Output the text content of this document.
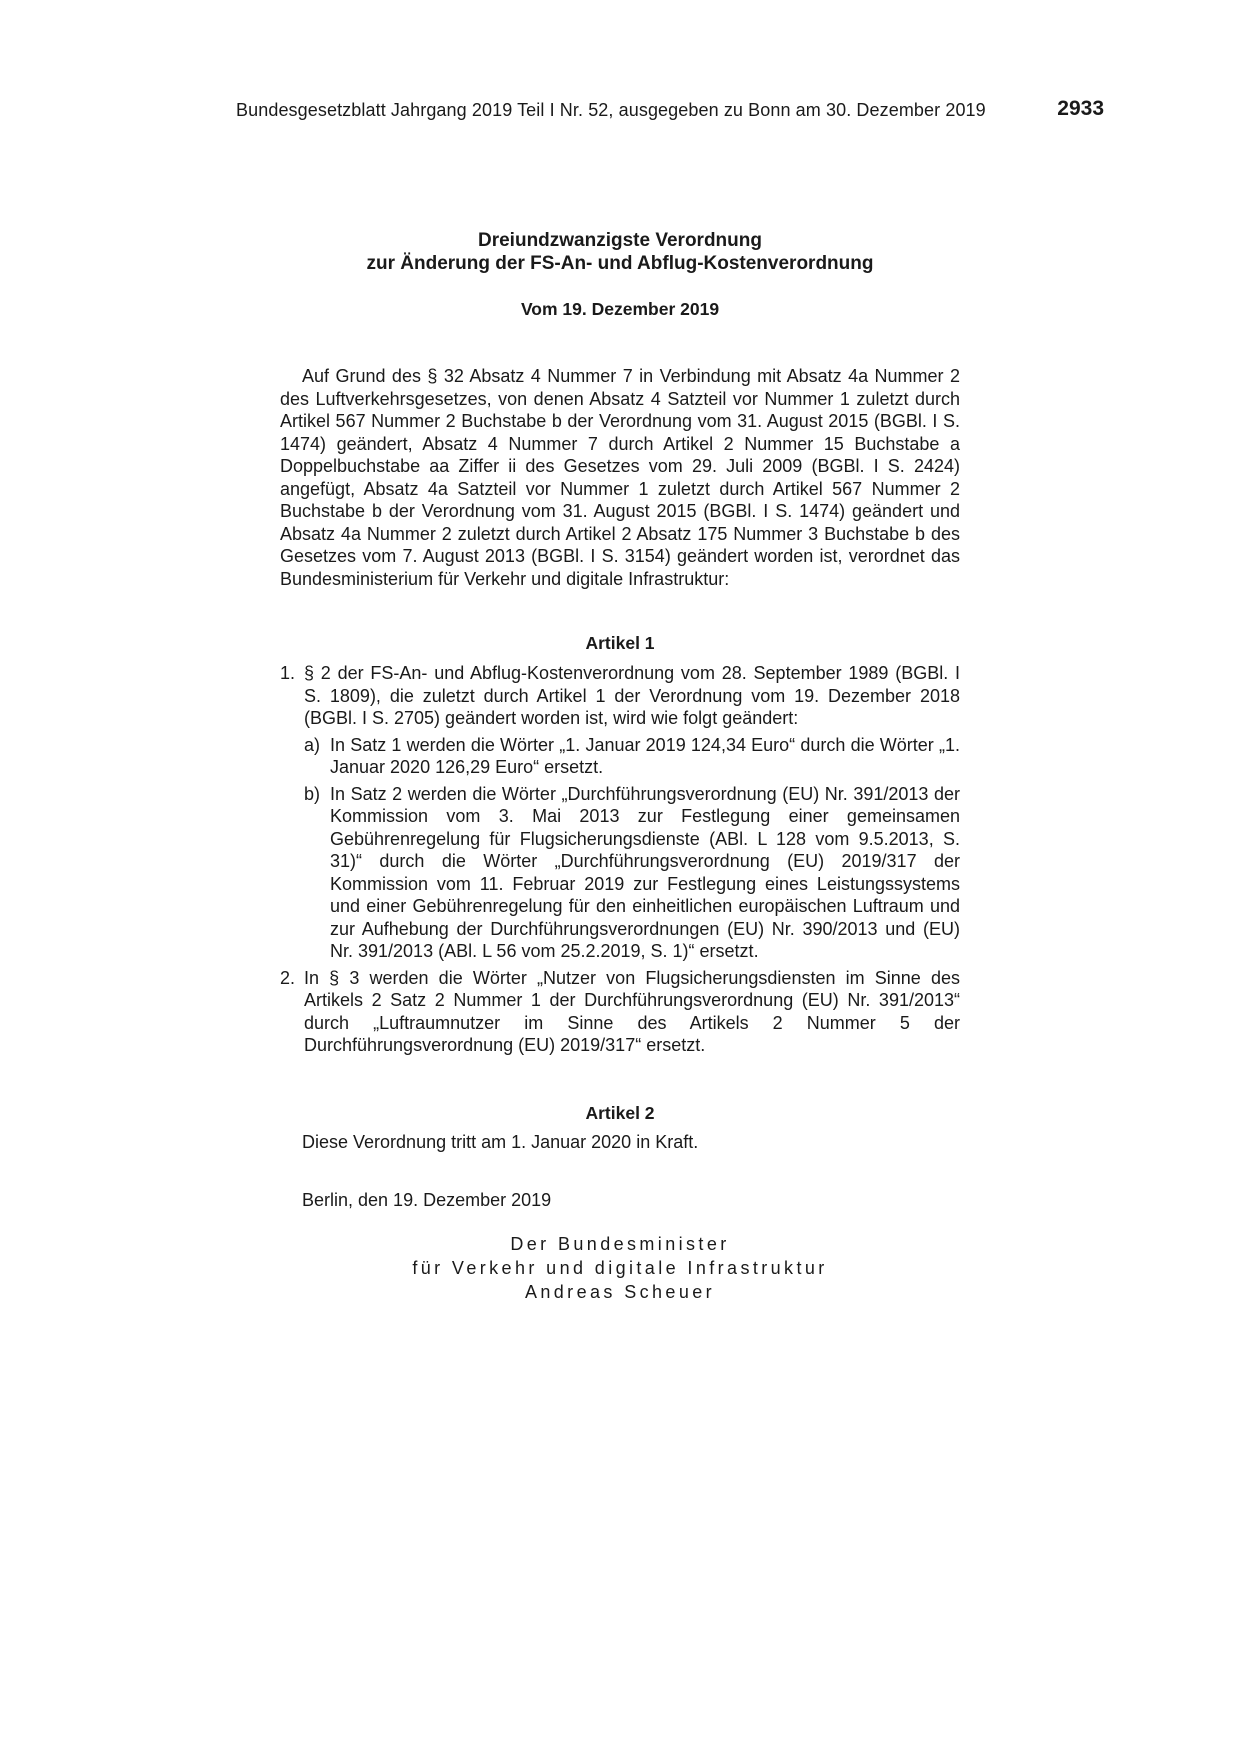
Bundesgesetzblatt Jahrgang 2019 Teil I Nr. 52, ausgegeben zu Bonn am 30. Dezember 2019	2933
Dreiundzwanzigste Verordnung
zur Änderung der FS-An- und Abflug-Kostenverordnung
Vom 19. Dezember 2019

Auf Grund des § 32 Absatz 4 Nummer 7 in Verbindung mit Absatz 4a Nummer 2 des Luftverkehrsgesetzes, von denen Absatz 4 Satzteil vor Nummer 1 zuletzt durch Artikel 567 Nummer 2 Buchstabe b der Verordnung vom 31. August 2015 (BGBl. I S. 1474) geändert, Absatz 4 Nummer 7 durch Artikel 2 Nummer 15 Buchstabe a Doppelbuchstabe aa Ziffer ii des Gesetzes vom 29. Juli 2009 (BGBl. I S. 2424) angefügt, Absatz 4a Satzteil vor Nummer 1 zuletzt durch Artikel 567 Nummer 2 Buchstabe b der Verordnung vom 31. August 2015 (BGBl. I S. 1474) geändert und Absatz 4a Nummer 2 zuletzt durch Artikel 2 Absatz 175 Nummer 3 Buchstabe b des Gesetzes vom 7. August 2013 (BGBl. I S. 3154) geändert worden ist, verordnet das Bundesministerium für Verkehr und digitale Infrastruktur:

Artikel 1
1. § 2 der FS-An- und Abflug-Kostenverordnung vom 28. September 1989 (BGBl. I S. 1809), die zuletzt durch Artikel 1 der Verordnung vom 19. Dezember 2018 (BGBl. I S. 2705) geändert worden ist, wird wie folgt geändert:
a) In Satz 1 werden die Wörter „1. Januar 2019 124,34 Euro“ durch die Wörter „1. Januar 2020 126,29 Euro“ ersetzt.
b) In Satz 2 werden die Wörter „Durchführungsverordnung (EU) Nr. 391/2013 der Kommission vom 3. Mai 2013 zur Festlegung einer gemeinsamen Gebührenregelung für Flugsicherungsdienste (ABl. L 128 vom 9.5.2013, S. 31)“ durch die Wörter „Durchführungsverordnung (EU) 2019/317 der Kommission vom 11. Februar 2019 zur Festlegung eines Leistungssystems und einer Gebührenregelung für den einheitlichen europäischen Luftraum und zur Aufhebung der Durchführungsverordnungen (EU) Nr. 390/2013 und (EU) Nr. 391/2013 (ABl. L 56 vom 25.2.2019, S. 1)“ ersetzt.
2. In § 3 werden die Wörter „Nutzer von Flugsicherungsdiensten im Sinne des Artikels 2 Satz 2 Nummer 1 der Durchführungsverordnung (EU) Nr. 391/2013“ durch „Luftraumnutzer im Sinne des Artikels 2 Nummer 5 der Durchführungsverordnung (EU) 2019/317“ ersetzt.
Artikel 2

Diese Verordnung tritt am 1. Januar 2020 in Kraft.

Berlin, den 19. Dezember 2019

Der Bundesminister
für Verkehr und digitale Infrastruktur
Andreas Scheuer
